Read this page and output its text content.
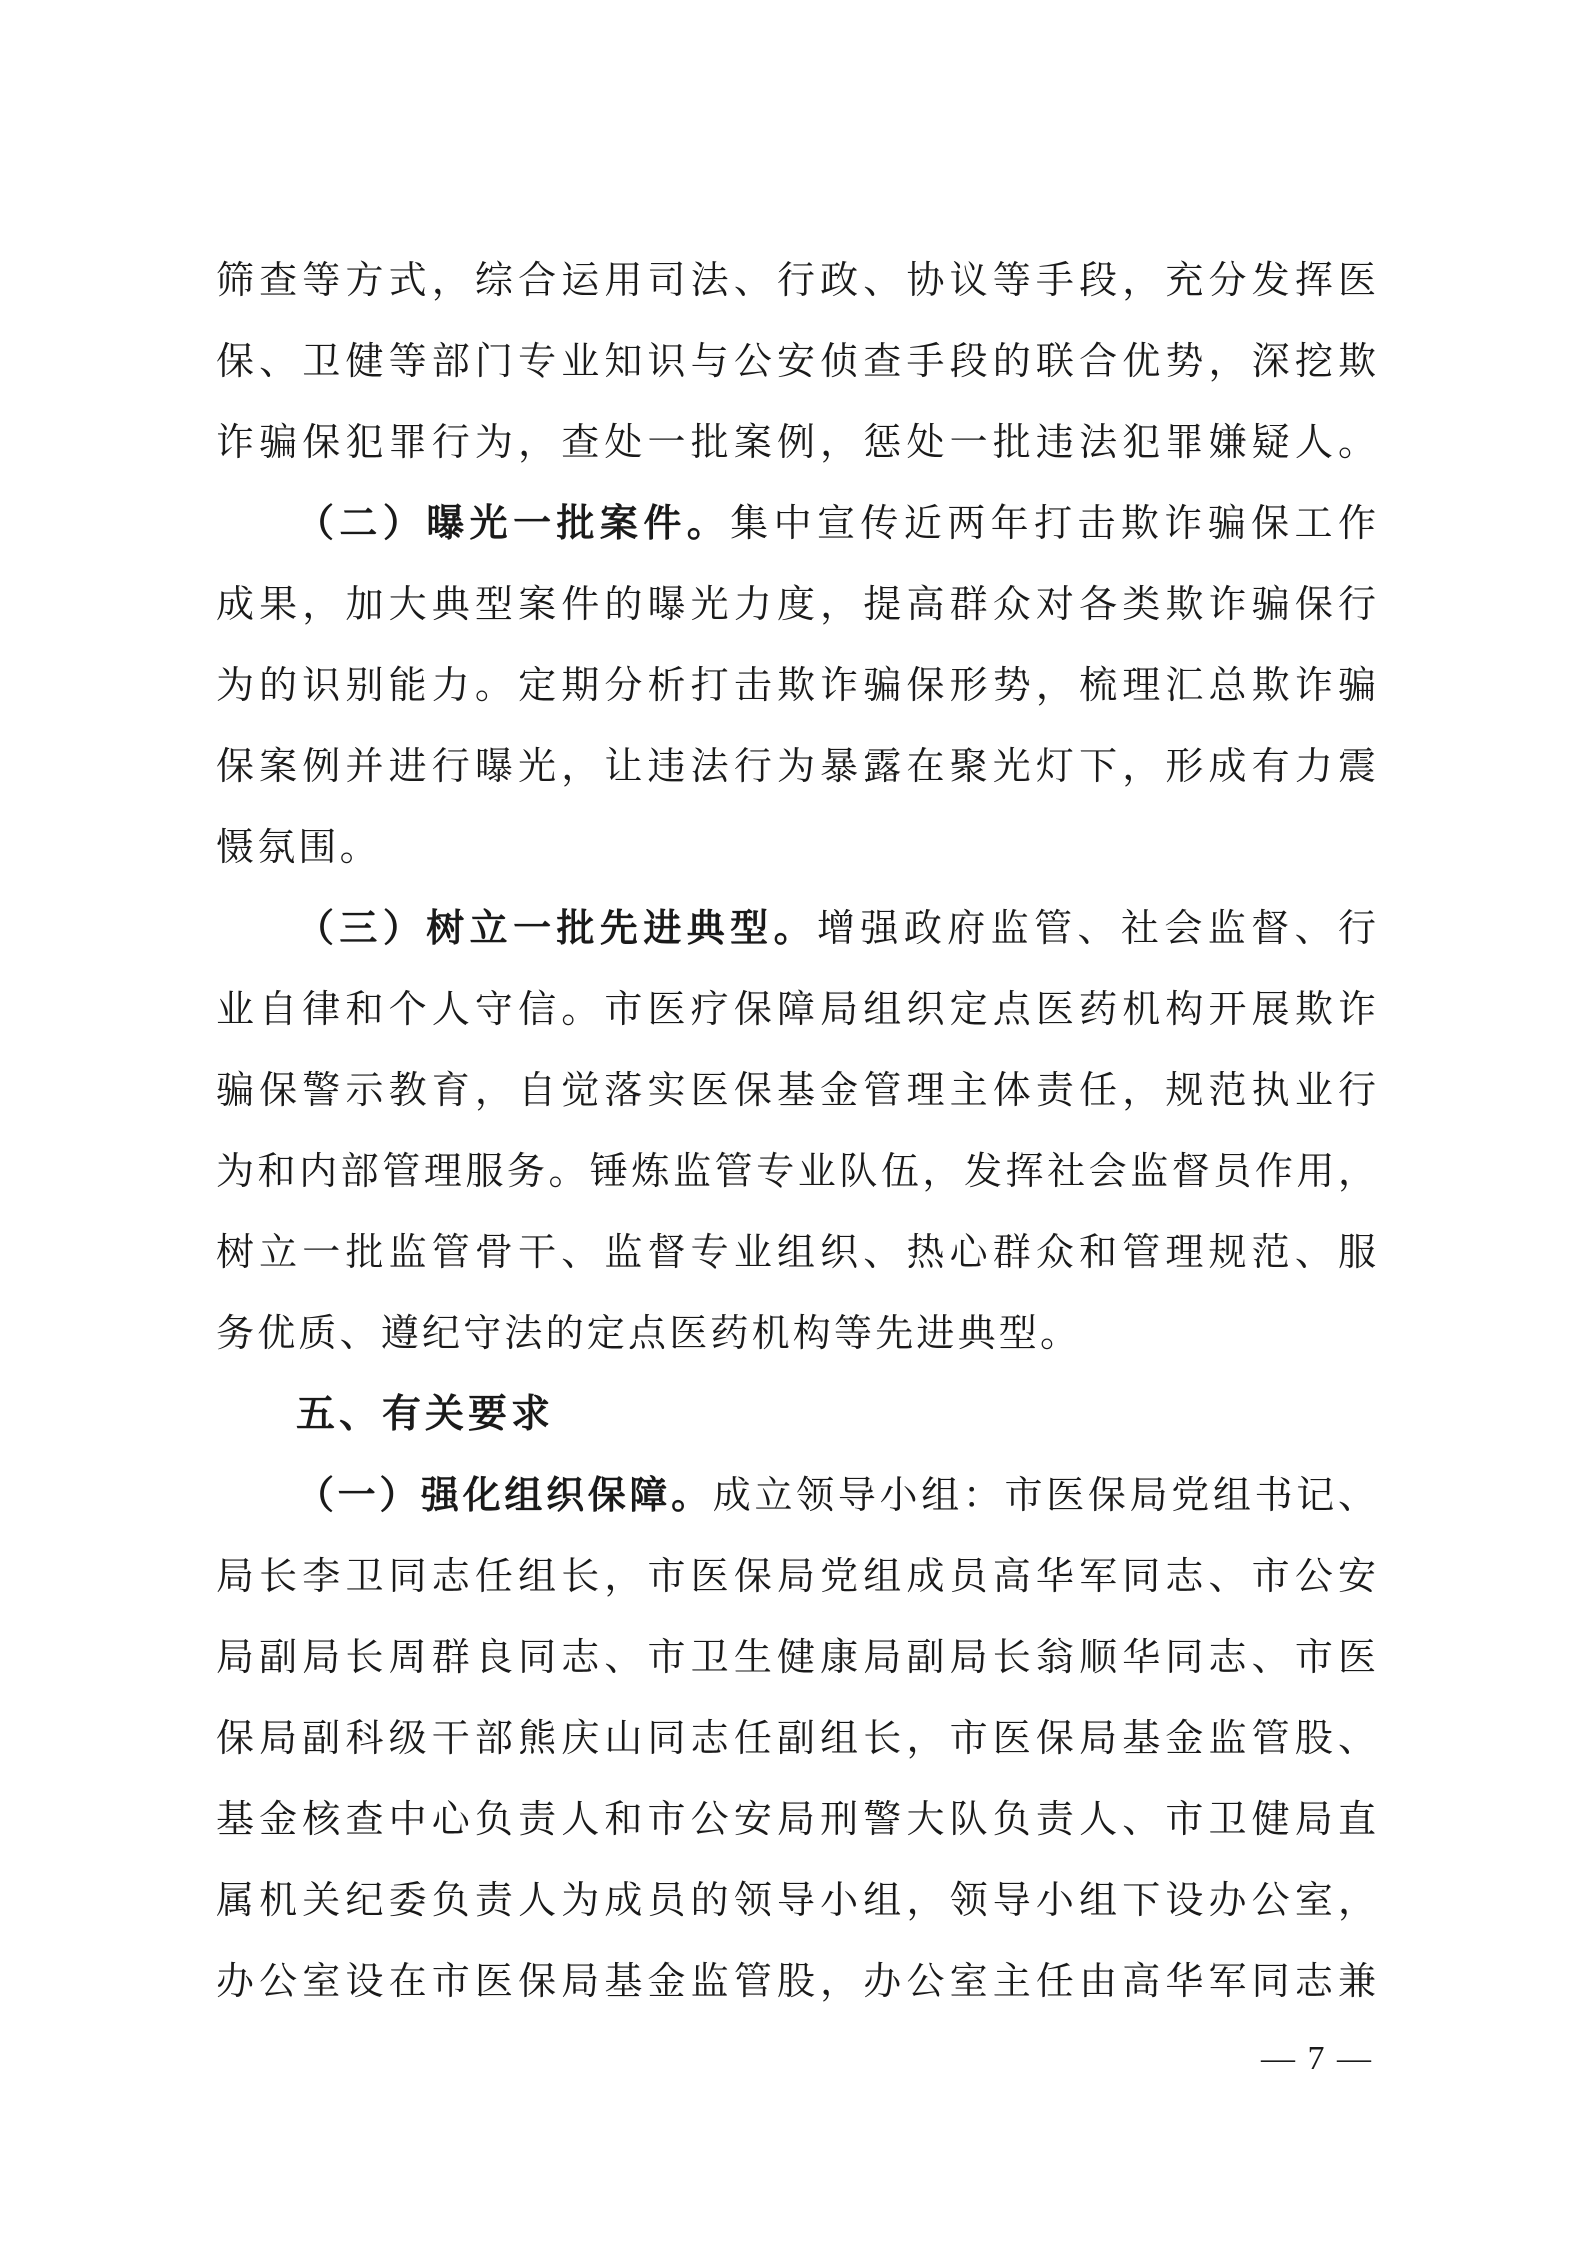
筛查等方式，综合运用司法、行政、协议等手段，充分发挥医
保、卫健等部门专业知识与公安侦查手段的联合优势，深挖欺
诈骗保犯罪行为，查处一批案例，惩处一批违法犯罪嫌疑人。
（二）曝光一批案件。集中宣传近两年打击欺诈骗保工作
成果，加大典型案件的曝光力度，提高群众对各类欺诈骗保行
为的识别能力。定期分析打击欺诈骗保形势，梳理汇总欺诈骗
保案例并进行曝光，让违法行为暴露在聚光灯下，形成有力震
慑氛围。
（三）树立一批先进典型。增强政府监管、社会监督、行
业自律和个人守信。市医疗保障局组织定点医药机构开展欺诈
骗保警示教育，自觉落实医保基金管理主体责任，规范执业行
为和内部管理服务。锤炼监管专业队伍，发挥社会监督员作用，
树立一批监管骨干、监督专业组织、热心群众和管理规范、服
务优质、遵纪守法的定点医药机构等先进典型。
五、有关要求
（一）强化组织保障。成立领导小组：市医保局党组书记、
局长李卫同志任组长，市医保局党组成员高华军同志、市公安
局副局长周群良同志、市卫生健康局副局长翁顺华同志、市医
保局副科级干部熊庆山同志任副组长，市医保局基金监管股、
基金核查中心负责人和市公安局刑警大队负责人、市卫健局直
属机关纪委负责人为成员的领导小组，领导小组下设办公室，
办公室设在市医保局基金监管股，办公室主任由高华军同志兼
— 7 —
